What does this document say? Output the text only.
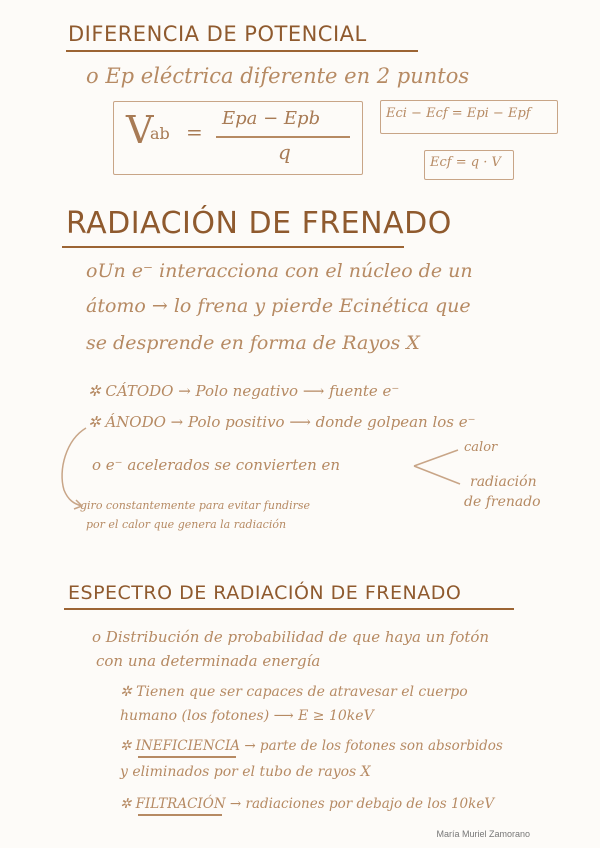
DIFERENCIA DE POTENCIAL
o Ep eléctrica diferente en 2 puntos
V
ab =
Epa − Epb
q
Eci − Ecf = Epi − Epf
Ecf = q · V
RADIACIÓN DE FRENADO
oUn e⁻ interacciona con el núcleo de un
átomo → lo frena y pierde Ecinética que
se desprende en forma de Rayos X
✲ CÁTODO → Polo negativo ⟶ fuente e⁻
✲ ÁNODO → Polo positivo ⟶ donde golpean los e⁻
o e⁻ acelerados se convierten en
calor
radiación
de frenado
giro constantemente para evitar fundirse
por el calor que genera la radiación
ESPECTRO DE RADIACIÓN DE FRENADO
o Distribución de probabilidad de que haya un fotón
con una determinada energía
✲ Tienen que ser capaces de atravesar el cuerpo
humano (los fotones) ⟶ E ≥ 10keV
✲ INEFICIENCIA → parte de los fotones son absorbidos
y eliminados por el tubo de rayos X
✲ FILTRACIÓN → radiaciones por debajo de los 10keV
María Muriel Zamorano
